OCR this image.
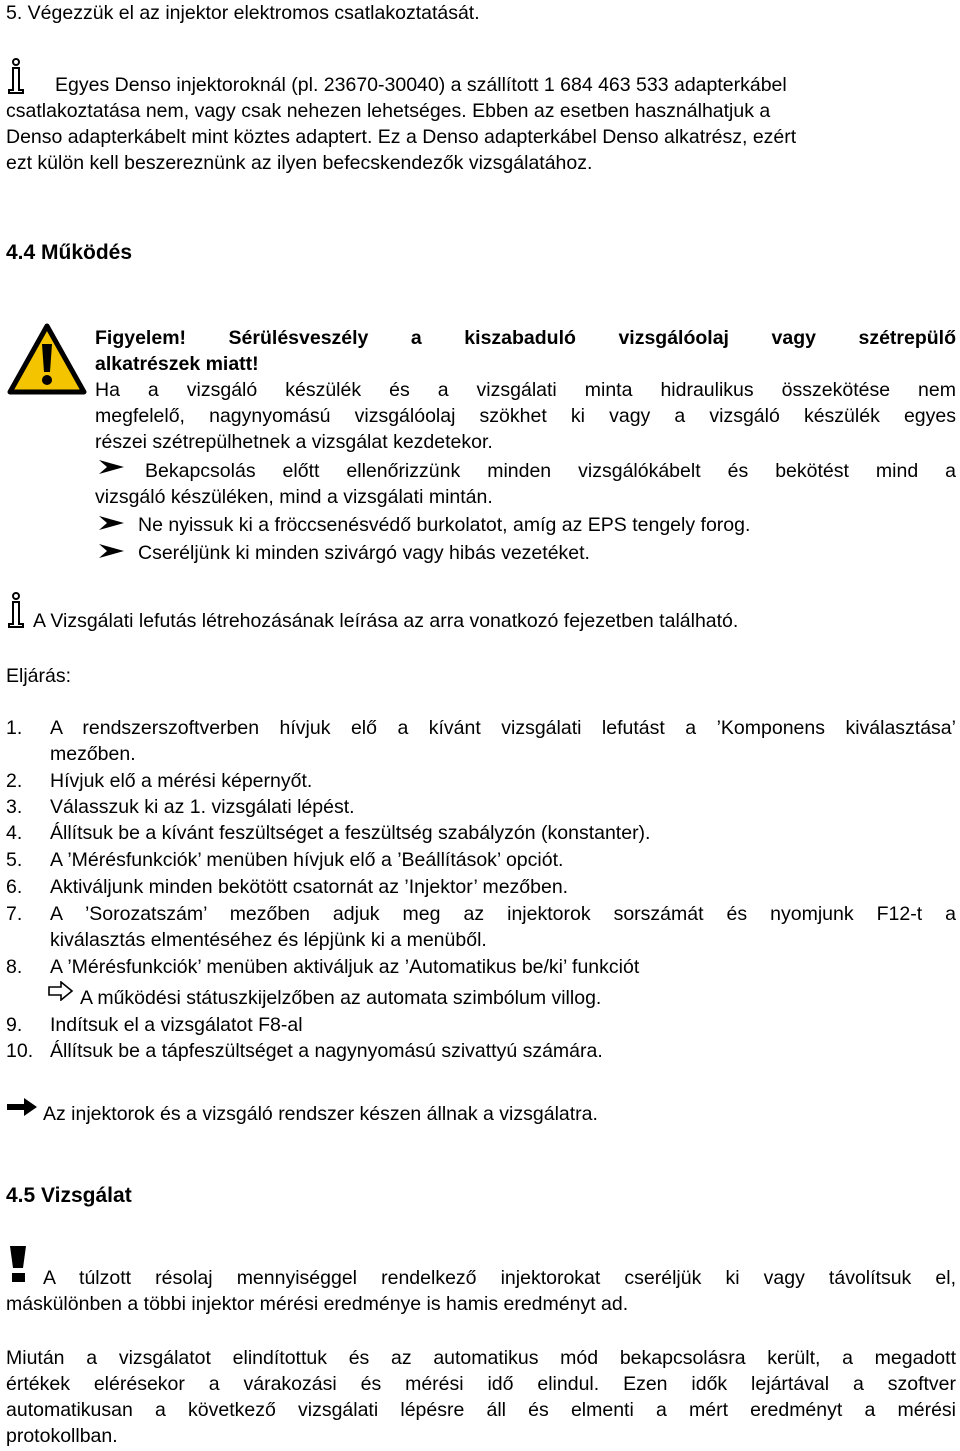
5. Végezzük el az injektor elektromos csatlakoztatását.
Egyes Denso injektoroknál (pl. 23670-30040) a szállított 1 684 463 533 adapterkábel
csatlakoztatása nem, vagy csak nehezen lehetséges. Ebben az esetben használhatjuk a
Denso adapterkábelt mint köztes adaptert. Ez a Denso adapterkábel Denso alkatrész, ezért
ezt külön kell beszereznünk az ilyen befecskendezők vizsgálatához.
4.4 Működés
Figyelem! Sérülésveszély a kiszabaduló vizsgálóolaj vagy szétrepülő
alkatrészek miatt!
Ha a vizsgáló készülék és a vizsgálati minta hidraulikus összekötése nem
megfelelő, nagynyomású vizsgálóolaj szökhet ki vagy a vizsgáló készülék egyes
részei szétrepülhetnek a vizsgálat kezdetekor.
Bekapcsolás előtt ellenőrizzünk minden vizsgálókábelt és bekötést mind a
vizsgáló készüléken, mind a vizsgálati mintán.
Ne nyissuk ki a fröccsenésvédő burkolatot, amíg az EPS tengely forog.
Cseréljünk ki minden szivárgó vagy hibás vezetéket.
A Vizsgálati lefutás létrehozásának leírása az arra vonatkozó fejezetben található.
Eljárás:
1. A rendszerszoftverben hívjuk elő a kívánt vizsgálati lefutást a ’Komponens kiválasztása’
mezőben.
2. Hívjuk elő a mérési képernyőt.
3. Válasszuk ki az 1. vizsgálati lépést.
4. Állítsuk be a kívánt feszültséget a feszültség szabályzón (konstanter).
5. A ’Mérésfunkciók’ menüben hívjuk elő a ’Beállítások’ opciót.
6. Aktiváljunk minden bekötött csatornát az ’Injektor’ mezőben.
7. A ’Sorozatszám’ mezőben adjuk meg az injektorok sorszámát és nyomjunk F12-t a
kiválasztás elmentéséhez és lépjünk ki a menüből.
8. A ’Mérésfunkciók’ menüben aktiváljuk az ’Automatikus be/ki’ funkciót
A működési státuszkijelzőben az automata szimbólum villog.
9. Indítsuk el a vizsgálatot F8-al
10. Állítsuk be a tápfeszültséget a nagynyomású szivattyú számára.
Az injektorok és a vizsgáló rendszer készen állnak a vizsgálatra.
4.5 Vizsgálat
A túlzott résolaj mennyiséggel rendelkező injektorokat cseréljük ki vagy távolítsuk el,
máskülönben a többi injektor mérési eredménye is hamis eredményt ad.
Miután a vizsgálatot elindítottuk és az automatikus mód bekapcsolásra került, a megadott
értékek elérésekor a várakozási és mérési idő elindul. Ezen idők lejártával a szoftver
automatikusan a következő vizsgálati lépésre áll és elmenti a mért eredményt a mérési
protokollban.
